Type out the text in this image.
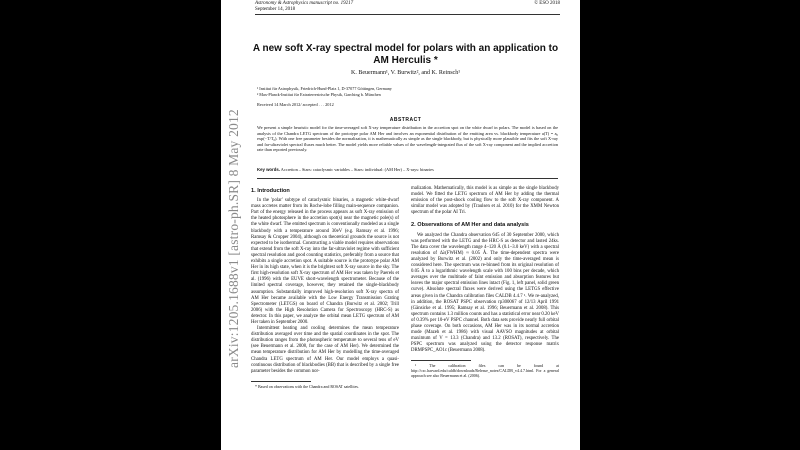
Astronomy & Astrophysics manuscript no. 19217
September 14, 2018
© ESO 2018
A new soft X-ray spectral model for polars with an application to AM Herculis *
K. Beuermann¹, V. Burwitz², and K. Reinsch¹
¹ Institut für Astrophysik, Friedrich-Hund-Platz 1, D-37077 Göttingen, Germany
² Max-Planck-Institut für Extraterrestrische Physik, Garching b. München
Received 14 March 2012/ accepted . . . 2012
ABSTRACT
We present a simple heuristic model for the time-averaged soft X-ray temperature distribution in the accretion spot on the white dwarf in polars. The model is based on the analysis of the Chandra LETG spectrum of the prototype polar AM Her and involves an exponential distribution of the emitting area vs. blackbody temperature a(T) = a₀ exp(−T/T₀). With one free parameter besides the normalization, it is mathematically as simple as the single blackbody, but is physically more plausible and fits the soft X-ray and far-ultraviolet spectral fluxes much better. The model yields more reliable values of the wavelength-integrated flux of the soft X-ray component and the implied accretion rate than reported previously.
Key words. Accretion – Stars: cataclysmic variables – Stars: individual: (AM Her) – X-rays: binaries
1. Introduction

In the 'polar' subtype of cataclysmic binaries, a magnetic white-dwarf mass accretes matter from its Roche-lobe filling main-sequence companion. Part of the energy released in the process appears as soft X-ray emission of the heated photosphere in the accretion spot(s) near the magnetic pole(s) of the white dwarf. The emitted spectrum is conventionally modeled as a single blackbody with a temperature around 30eV (e.g. Ramsay et al. 1996; Ramsay & Cropper 2004), although on theoretical grounds the source is not expected to be isothermal. Constructing a viable model requires observations that extend from the soft X-ray into the far-ultraviolet regime with sufficient spectral resolution and good counting statistics, preferably from a source that exhibits a single accretion spot. A suitable source is the prototype polar AM Her in its high state, when it is the brightest soft X-ray source in the sky. The first high-resolution soft X-ray spectrum of AM Her was taken by Paerels et al. (1996) with the EUVE short-wavelength spectrometer. Because of the limited spectral coverage, however, they retained the single-blackbody assumption. Substantially improved high-resolution soft X-ray spectra of AM Her became available with the Low Energy Transmission Grating Spectrometer (LETGS) on board of Chandra (Burwitz et al. 2002; Trill 2006) with the High Resolution Camera for Spectroscopy (HRC-S) as detector. In this paper, we analyze the orbital mean LETG spectrum of AM Her taken in September 2000.

Intermittent heating and cooling determines the mean temperature distribution averaged over time and the spatial coordinates in the spot. The distribution ranges from the photospheric temperature to several tens of eV (see Beuermann et al. 2008, for the case of AM Her). We determined the mean temperature distribution for AM Her by modelling the time-averaged Chandra LETG spectrum of AM Her. Our model employs a quasi-continuous distribution of blackbodies (BB) that is described by a single free parameter besides the common nor-

* Based on observations with the Chandra and ROSAT satellites.

malization. Mathematically, this model is as simple as the single blackbody model. We fitted the LETG spectrum of AM Her by adding the thermal emission of the post-shock cooling flow to the soft X-ray component. A similar model was adopted by (Traulsen et al. 2010) for the XMM Newton spectrum of the polar AI Tri.

2. Observations of AM Her and data analysis

We analyzed the Chandra observation 645 of 30 September 2000, which was performed with the LETG and the HRC-S as detector and lasted 24ks. The data cover the wavelength range 4–120 Å (0.1–3.0 keV) with a spectral resolution of Δλ(FWHM) ≈ 0.05 Å. The time-dependent spectra were analyzed by Burwitz et al. (2002) and only the time-averaged mean is considered here. The spectrum was re-binned from its original resolution of 0.05 Å to a logarithmic wavelength scale with 100 bins per decade, which averages over the multitude of faint emission and absorption features but leaves the major spectral emission lines intact (Fig. 1, left panel, solid green curve). Absolute spectral fluxes were derived using the LETGS effective areas given in the Chandra calibration files CALDB 4.4.7 ¹. We re-analyzed, in addition, the ROSAT PSPC observation rp300067 of 12/13 April 1991 (Gänsicke et al. 1995; Ramsay et al. 1996; Beuermann et al. 2008). This spectrum contains 1.3 million counts and has a statistical error near 0.20 keV of 0.39% per 10-eV PSPC channel. Both data sets provide nearly full orbital phase coverage. On both occasions, AM Her was in its normal accretion mode (Mazeh et al. 1986) with visual AAVSO magnitudes at orbital maximum of V = 13.3 (Chandra) and 13.2 (ROSAT), respectively. The PSPC spectrum was analyzed using the detector response matrix DRMPSPC_AO1c (Beuermann 2008).

¹ The calibration files can be found at http://cxc.harvard.edu/caldb/downloads/Release_notes/CALDB_v4.4.7.html. For a general approach see also Beuermann et al. (2006).
arXiv:1205.1688v1 [astro-ph.SR] 8 May 2012
